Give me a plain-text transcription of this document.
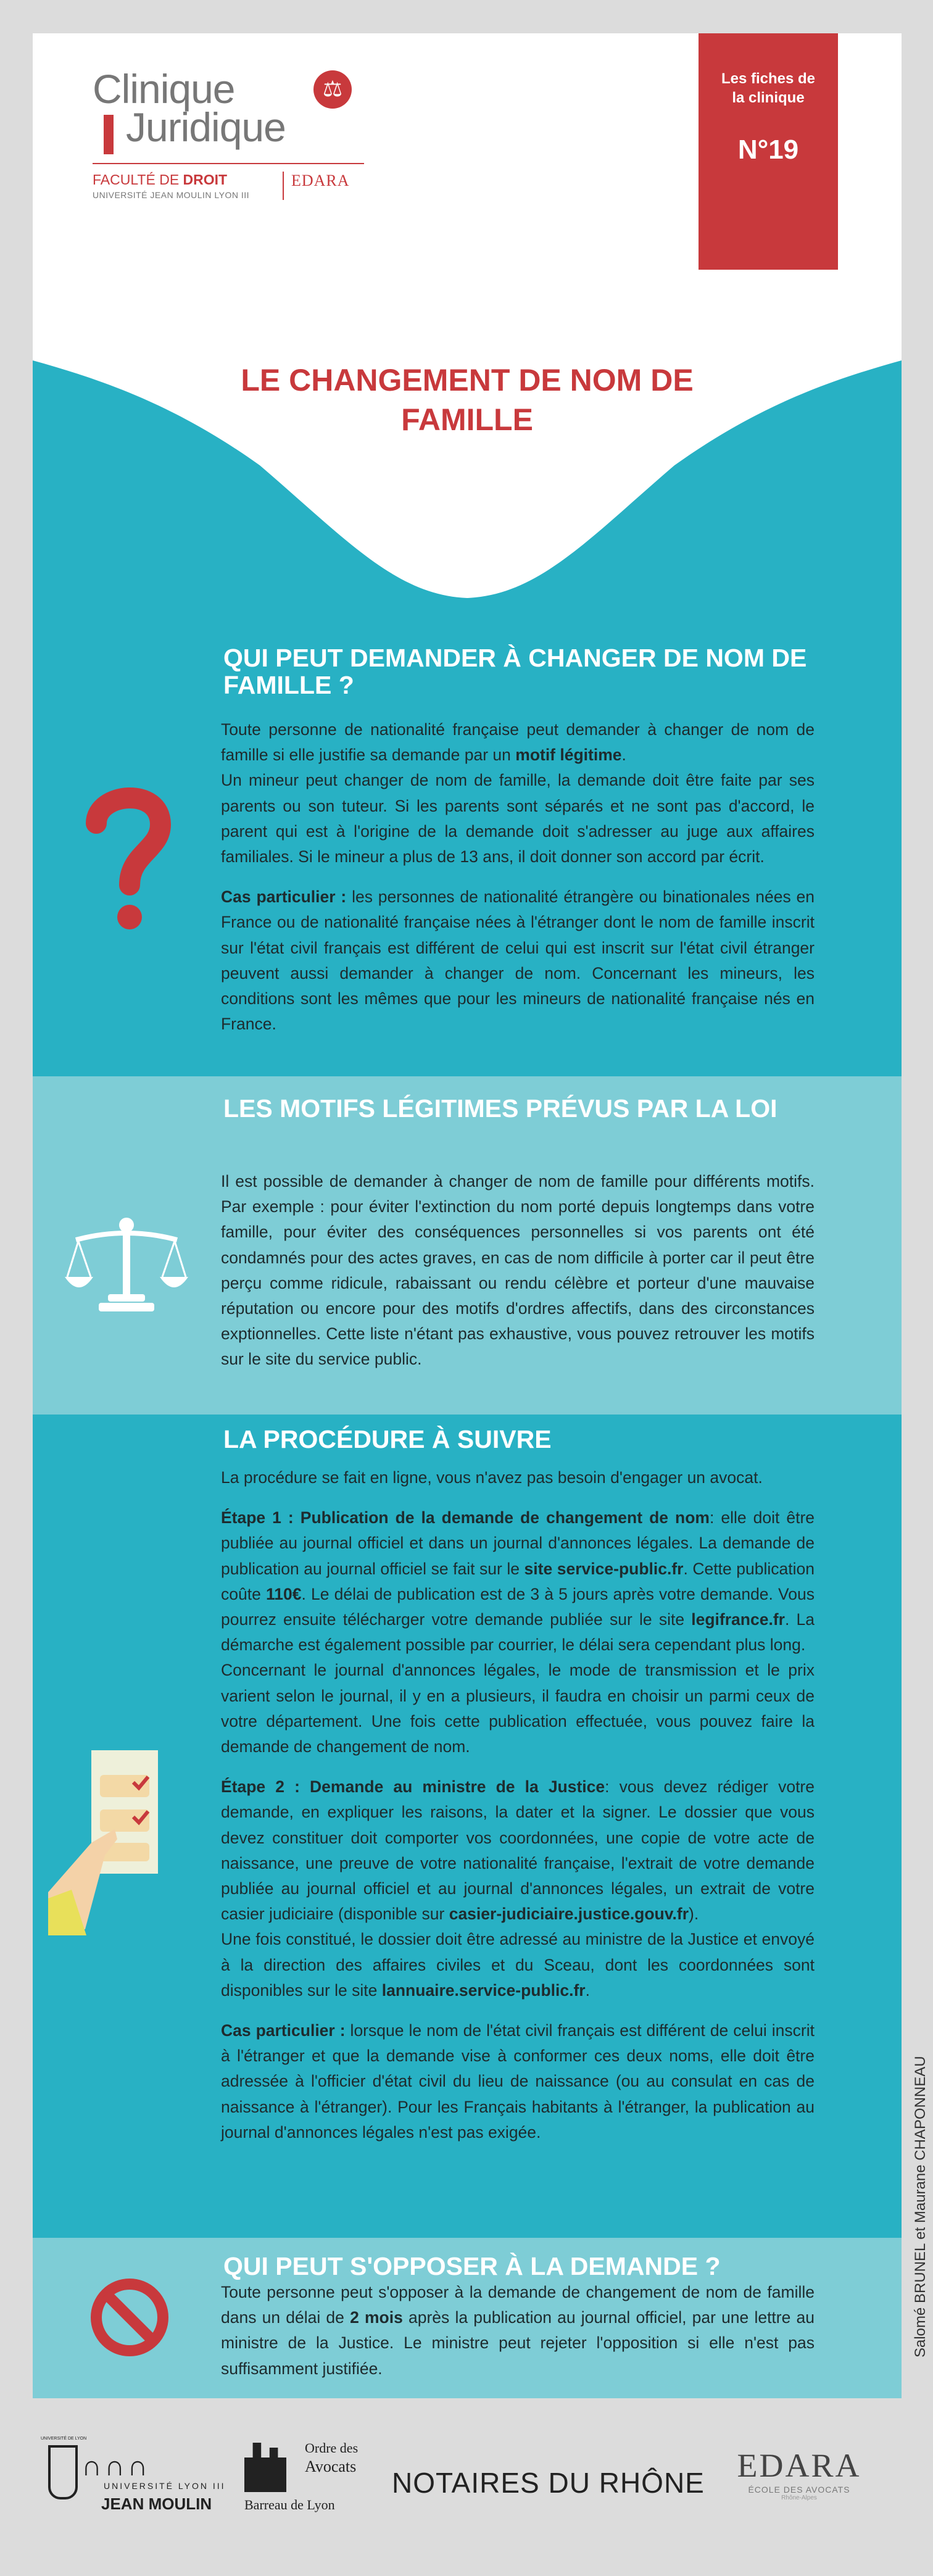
Clinique	⚖
Juridique
FACULTÉ DE DROIT
UNIVERSITÉ JEAN MOULIN LYON III
EDARA
Les fiches de la clinique
N°19
LE CHANGEMENT DE NOM DE FAMILLE
QUI PEUT DEMANDER À CHANGER DE NOM DE FAMILLE ?

Toute personne de nationalité française peut demander à changer de nom de famille si elle justifie sa demande par un motif légitime.

Un mineur peut changer de nom de famille, la demande doit être faite par ses parents ou son tuteur. Si les parents sont séparés et ne sont pas d'accord, le parent qui est à l'origine de la demande doit s'adresser au juge aux affaires familiales. Si le mineur a plus de 13 ans, il doit donner son accord par écrit.

Cas particulier : les personnes de nationalité étrangère ou binationales nées en France ou de nationalité française nées à l'étranger dont le nom de famille inscrit sur l'état civil français est différent de celui qui est inscrit sur l'état civil étranger peuvent aussi demander à changer de nom. Concernant les mineurs, les conditions sont les mêmes que pour les mineurs de nationalité française nés en France.

LES MOTIFS LÉGITIMES PRÉVUS PAR LA LOI

Il est possible de demander à changer de nom de famille pour différents motifs. Par exemple : pour éviter l'extinction du nom porté depuis longtemps dans votre famille, pour éviter des conséquences personnelles si vos parents ont été condamnés pour des actes graves, en cas de nom difficile à porter car il peut être perçu comme ridicule, rabaissant ou rendu célèbre et porteur d'une mauvaise réputation ou encore pour des motifs d'ordres affectifs, dans des circonstances exptionnelles. Cette liste n'étant pas exhaustive, vous pouvez retrouver les motifs sur le site du service public.

LA PROCÉDURE À SUIVRE

La procédure se fait en ligne, vous n'avez pas besoin d'engager un avocat.

Étape 1 : Publication de la demande de changement de nom: elle doit être publiée au journal officiel et dans un journal d'annonces légales. La demande de publication au journal officiel se fait sur le site service-public.fr. Cette publication coûte 110€. Le délai de publication est de 3 à 5 jours après votre demande. Vous pourrez ensuite télécharger votre demande publiée sur le site legifrance.fr. La démarche est également possible par courrier, le délai sera cependant plus long.

Concernant le journal d'annonces légales, le mode de transmission et le prix varient selon le journal, il y en a plusieurs, il faudra en choisir un parmi ceux de votre département. Une fois cette publication effectuée, vous pouvez faire la demande de changement de nom.

Étape 2 : Demande au ministre de la Justice: vous devez rédiger votre demande, en expliquer les raisons, la dater et la signer. Le dossier que vous devez constituer doit comporter vos coordonnées, une copie de votre acte de naissance, une preuve de votre nationalité française, l'extrait de votre demande publiée au journal officiel et au journal d'annonces légales, un extrait de votre casier judiciaire (disponible sur casier-judiciaire.justice.gouv.fr).

Une fois constitué, le dossier doit être adressé au ministre de la Justice et envoyé à la direction des affaires civiles et du Sceau, dont les coordonnées sont disponibles sur le site lannuaire.service-public.fr.

Cas particulier : lorsque le nom de l'état civil français est différent de celui inscrit à l'étranger et que la demande vise à conformer ces deux noms, elle doit être adressée à l'officier d'état civil du lieu de naissance (ou au consulat en cas de naissance à l'étranger). Pour les Français habitants à l'étranger, la publication au journal d'annonces légales n'est pas exigée.

QUI PEUT S'OPPOSER À LA DEMANDE ?

Toute personne peut s'opposer à la demande de changement de nom de famille dans un délai de 2 mois après la publication au journal officiel, par une lettre au ministre de la Justice. Le ministre peut rejeter l'opposition si elle n'est pas suffisamment justifiée.

Salomé BRUNEL et Maurane CHAPONNEAU
∩∩∩
UNIVERSITÉ LYON III
JEAN MOULIN
UNIVERSITÉ DE LYON
Ordre des
Avocats
Barreau de Lyon
NOTAIRES DU RHÔNE EDARA
ÉCOLE DES AVOCATS
Rhône-Alpes
